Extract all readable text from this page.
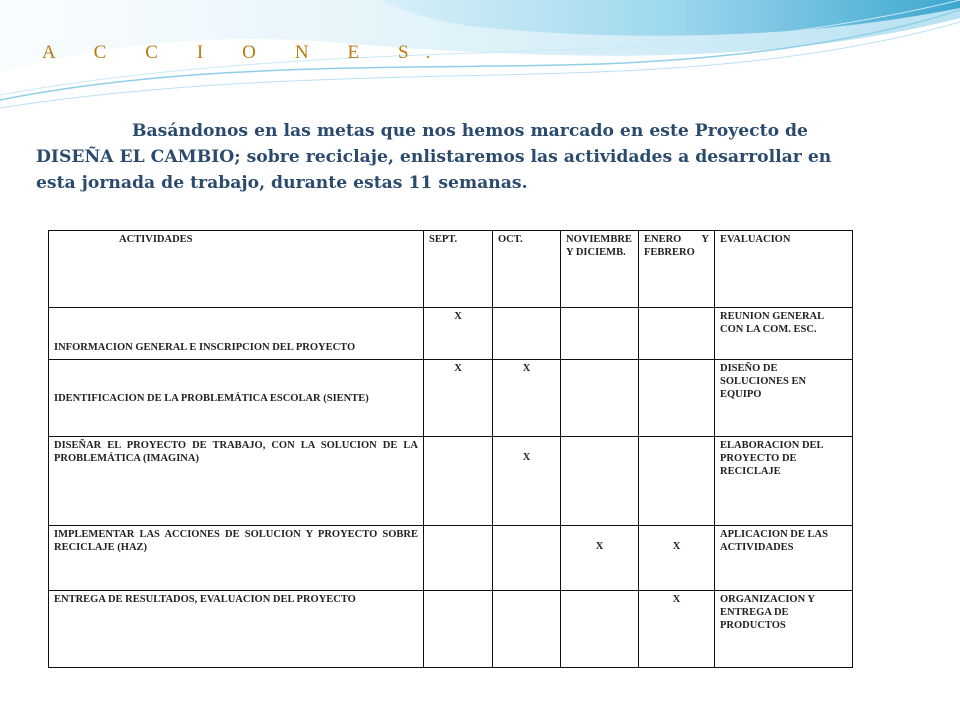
A C C I O N E S.
Basándonos en las metas que nos hemos marcado en este Proyecto de DISEÑA EL CAMBIO; sobre reciclaje, enlistaremos las actividades a desarrollar en esta jornada de trabajo, durante estas 11 semanas.
ACTIVIDADES	SEPT.	OCT.	NOVIEMBRE Y DICIEMB.	ENERO Y FEBRERO	EVALUACION
INFORMACION GENERAL E INSCRIPCION DEL PROYECTO	X				REUNION GENERAL CON LA COM. ESC.
IDENTIFICACION DE LA PROBLEMÁTICA ESCOLAR (SIENTE)	X	X			DISEÑO DE SOLUCIONES EN EQUIPO
DISEÑAR EL PROYECTO DE TRABAJO, CON LA SOLUCION DE LA PROBLEMÁTICA (IMAGINA)		X			ELABORACION DEL PROYECTO DE RECICLAJE
IMPLEMENTAR LAS ACCIONES DE SOLUCION Y PROYECTO SOBRE RECICLAJE (HAZ)			X	X	APLICACION DE LAS ACTIVIDADES
ENTREGA DE RESULTADOS, EVALUACION DEL PROYECTO				X	ORGANIZACION Y ENTREGA DE PRODUCTOS
